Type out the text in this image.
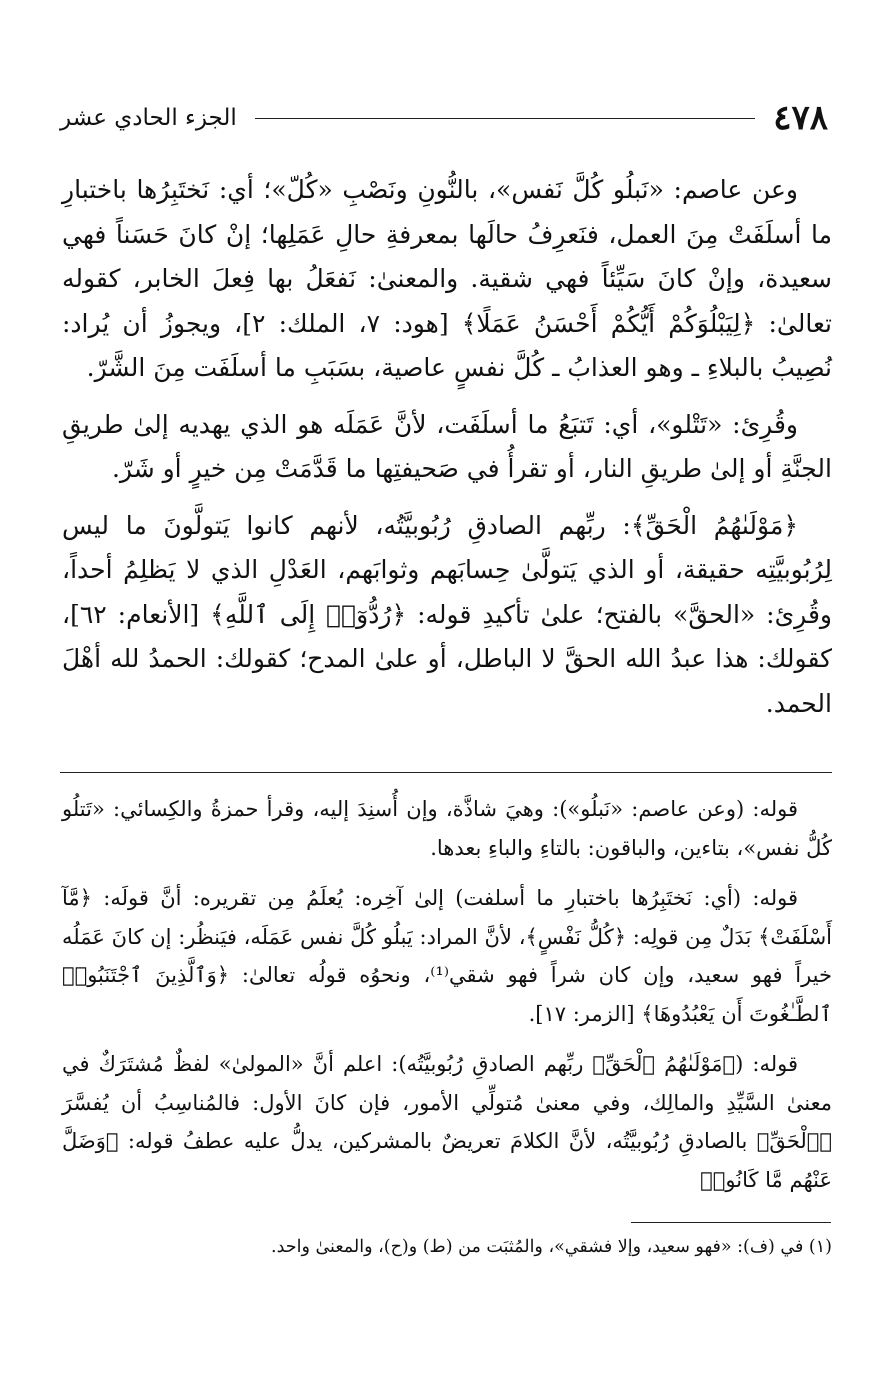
٤٧٨
الجزء الحادي عشر

وعن عاصم: «نَبلُو كُلَّ نَفس»، بالنُّونِ ونَصْبِ «كُلّ»؛ أي: نَختَبِرُها باختبارِ ما أسلَفَتْ مِنَ العمل، فنَعرِفُ حالَها بمعرفةِ حالِ عَمَلِها؛ إنْ كانَ حَسَناً فهي سعيدة، وإنْ كانَ سَيِّئاً فهي شقية. والمعنىٰ: نَفعَلُ بها فِعلَ الخابر، كقوله تعالىٰ: ﴿لِيَبْلُوَكُمْ أَيُّكُمْ أَحْسَنُ عَمَلًا﴾ [هود: ٧، الملك: ٢]، ويجوزُ أن يُراد: نُصِيبُ بالبلاءِ ـ وهو العذابُ ـ كُلَّ نفسٍ عاصية، بسَبَبِ ما أسلَفَت مِنَ الشَّرّ.

وقُرِئ: «تَتْلو»، أي: تَتبَعُ ما أسلَفَت، لأنَّ عَمَلَه هو الذي يهديه إلىٰ طريقِ الجنَّةِ أو إلىٰ طريقِ النار، أو تقرأُ في صَحيفتِها ما قَدَّمَتْ مِن خيرٍ أو شَرّ.

﴿مَوْلَىٰهُمُ الْحَقِّ﴾: ربِّهم الصادقِ رُبُوبيَّتُه، لأنهم كانوا يَتولَّونَ ما ليس لِرُبُوبيَّتِه حقيقة، أو الذي يَتولَّىٰ حِسابَهم وثوابَهم، العَدْلِ الذي لا يَظلِمُ أحداً، وقُرِئ: «الحقَّ» بالفتح؛ علىٰ تأكيدِ قوله: ﴿رُدُّوٓا۟ إِلَى ٱللَّهِ﴾ [الأنعام: ٦٢]، كقولك: هذا عبدُ الله الحقَّ لا الباطل، أو علىٰ المدح؛ كقولك: الحمدُ لله أهْلَ الحمد.

قوله: (وعن عاصم: «نَبلُو»): وهيَ شاذَّة، وإن أُسنِدَ إليه، وقرأ حمزةُ والكِسائي: «تَتلُو كُلُّ نفس»، بتاءين، والباقون: بالتاءِ والباءِ بعدها.

قوله: (أي: نَختَبِرُها باختبارِ ما أسلفت) إلىٰ آخِره: يُعلَمُ مِن تقريره: أنَّ قولَه: ﴿مَّآ أَسْلَفَتْ﴾ بَدَلٌ مِن قولِه: ﴿كُلُّ نَفْسٍ﴾، لأنَّ المراد: يَبلُو كُلَّ نفس عَمَلَه، فيَنظُر: إن كانَ عَمَلُه خيراً فهو سعيد، وإن كان شراً فهو شقي⁽¹⁾، ونحوُه قولُه تعالىٰ: ﴿وَٱلَّذِينَ ٱجْتَنَبُوا۟ ٱلطَّـٰغُوتَ أَن يَعْبُدُوهَا﴾ [الزمر: ١٧].

قوله: (﴿مَوْلَىٰهُمُ ٱلْحَقِّ﴾ ربِّهم الصادقِ رُبُوبيَّتُه): اعلم أنَّ «المولىٰ» لفظٌ مُشتَرَكٌ في معنىٰ السَّيِّدِ والمالِك، وفي معنىٰ مُتولِّي الأمور، فإن كانَ الأول: فالمُناسِبُ أن يُفسَّرَ ﴿ٱلْحَقِّ﴾ بالصادقِ رُبُوبيَّتُه، لأنَّ الكلامَ تعريضٌ بالمشركين، يدلُّ عليه عطفُ قوله: ﴿وَضَلَّ عَنْهُم مَّا كَانُوا۟

(١) في (ف): «فهو سعيد، وإلا فشقي»، والمُثبَت من (ط) و(ح)، والمعنىٰ واحد.
